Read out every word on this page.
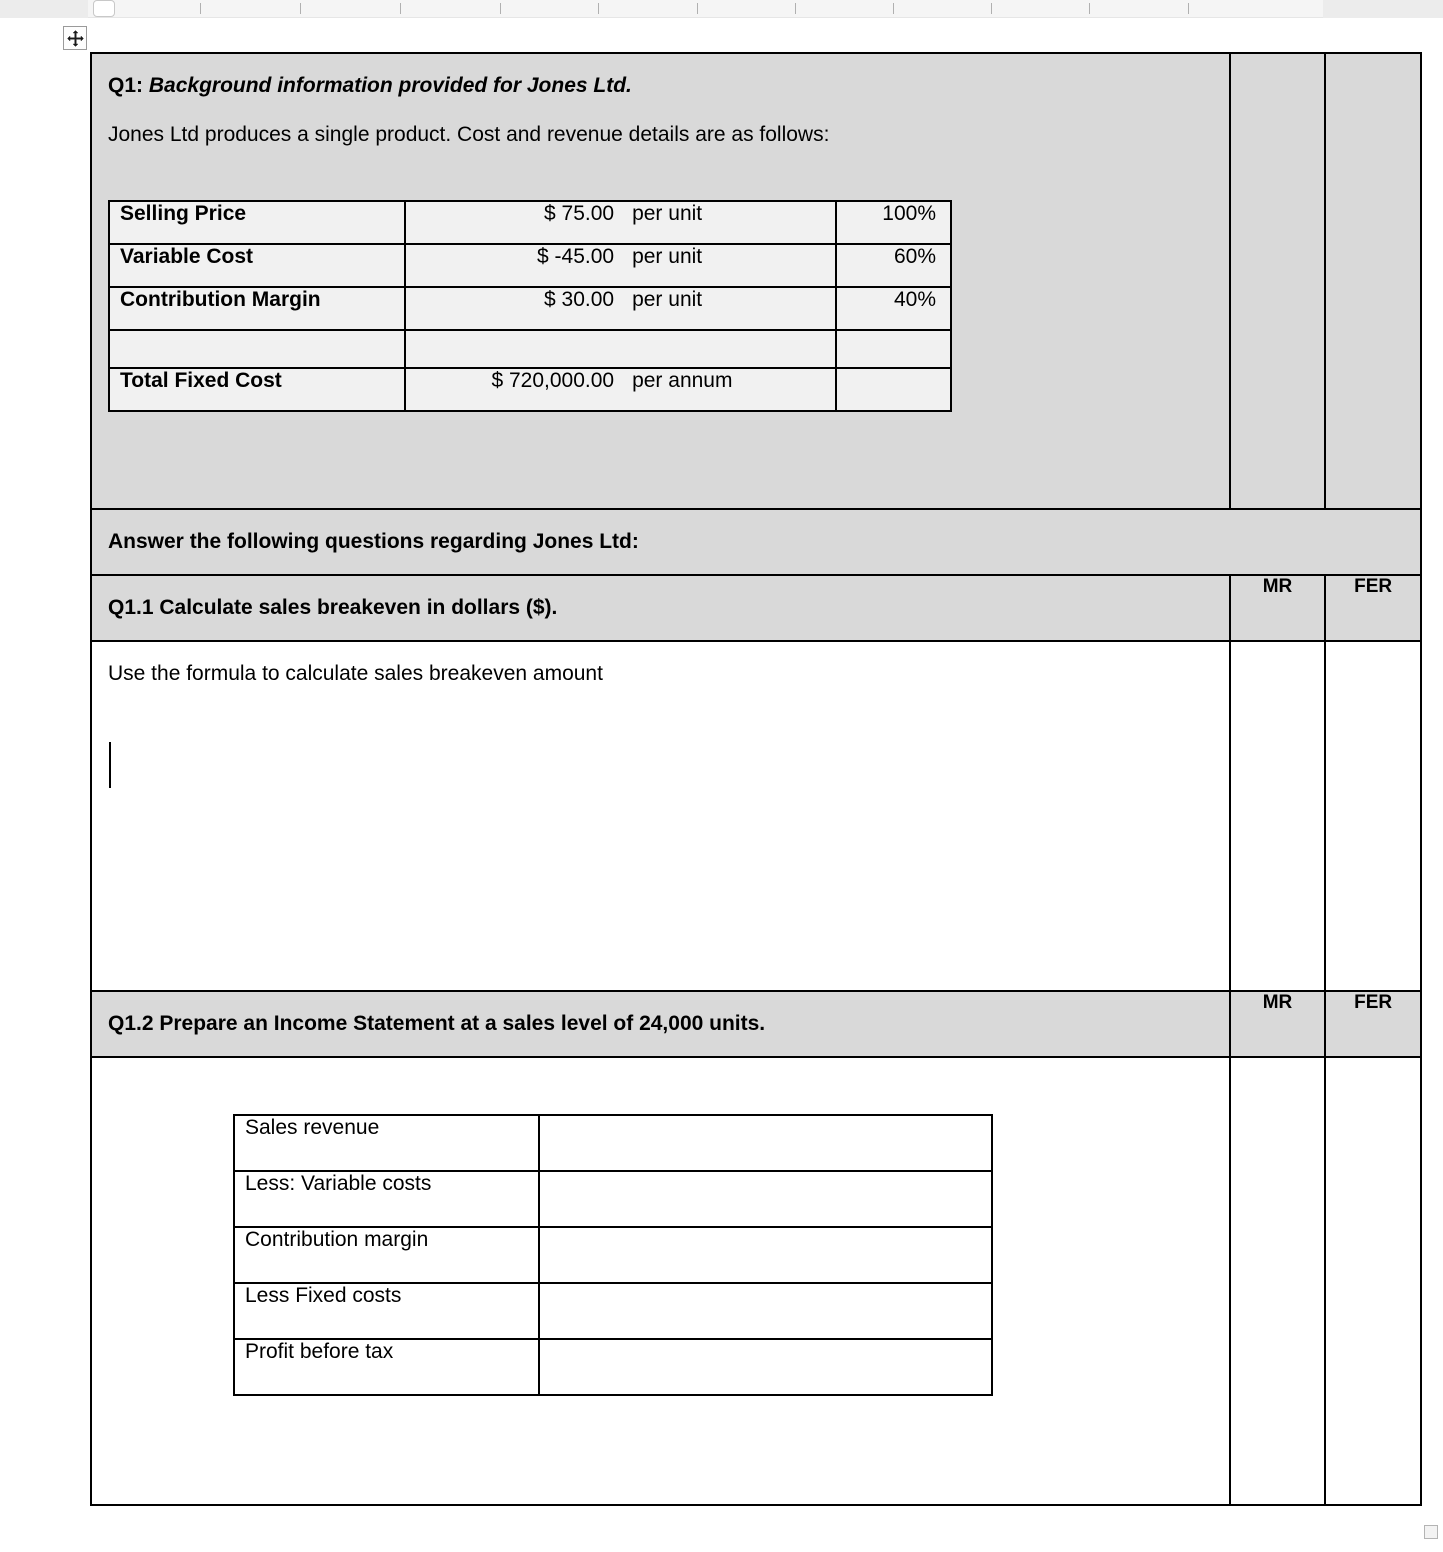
Q1: Background information provided for Jones Ltd.
Jones Ltd produces a single product. Cost and revenue details are as follows:
Selling Price	$ 75.00 per unit	100%
Variable Cost	$ -45.00 per unit	60%
Contribution Margin	$ 30.00 per unit	40%

Total Fixed Cost	$ 720,000.00 per annum

Answer the following questions regarding Jones Ltd:

Q1.1 Calculate sales breakeven in dollars ($).
	MR	FER

Use the formula to calculate sales breakeven amount

Q1.2 Prepare an Income Statement at a sales level of 24,000 units.
	MR	FER

Sales revenue	
Less: Variable costs	
Contribution margin	
Less Fixed costs	
Profit before tax	
